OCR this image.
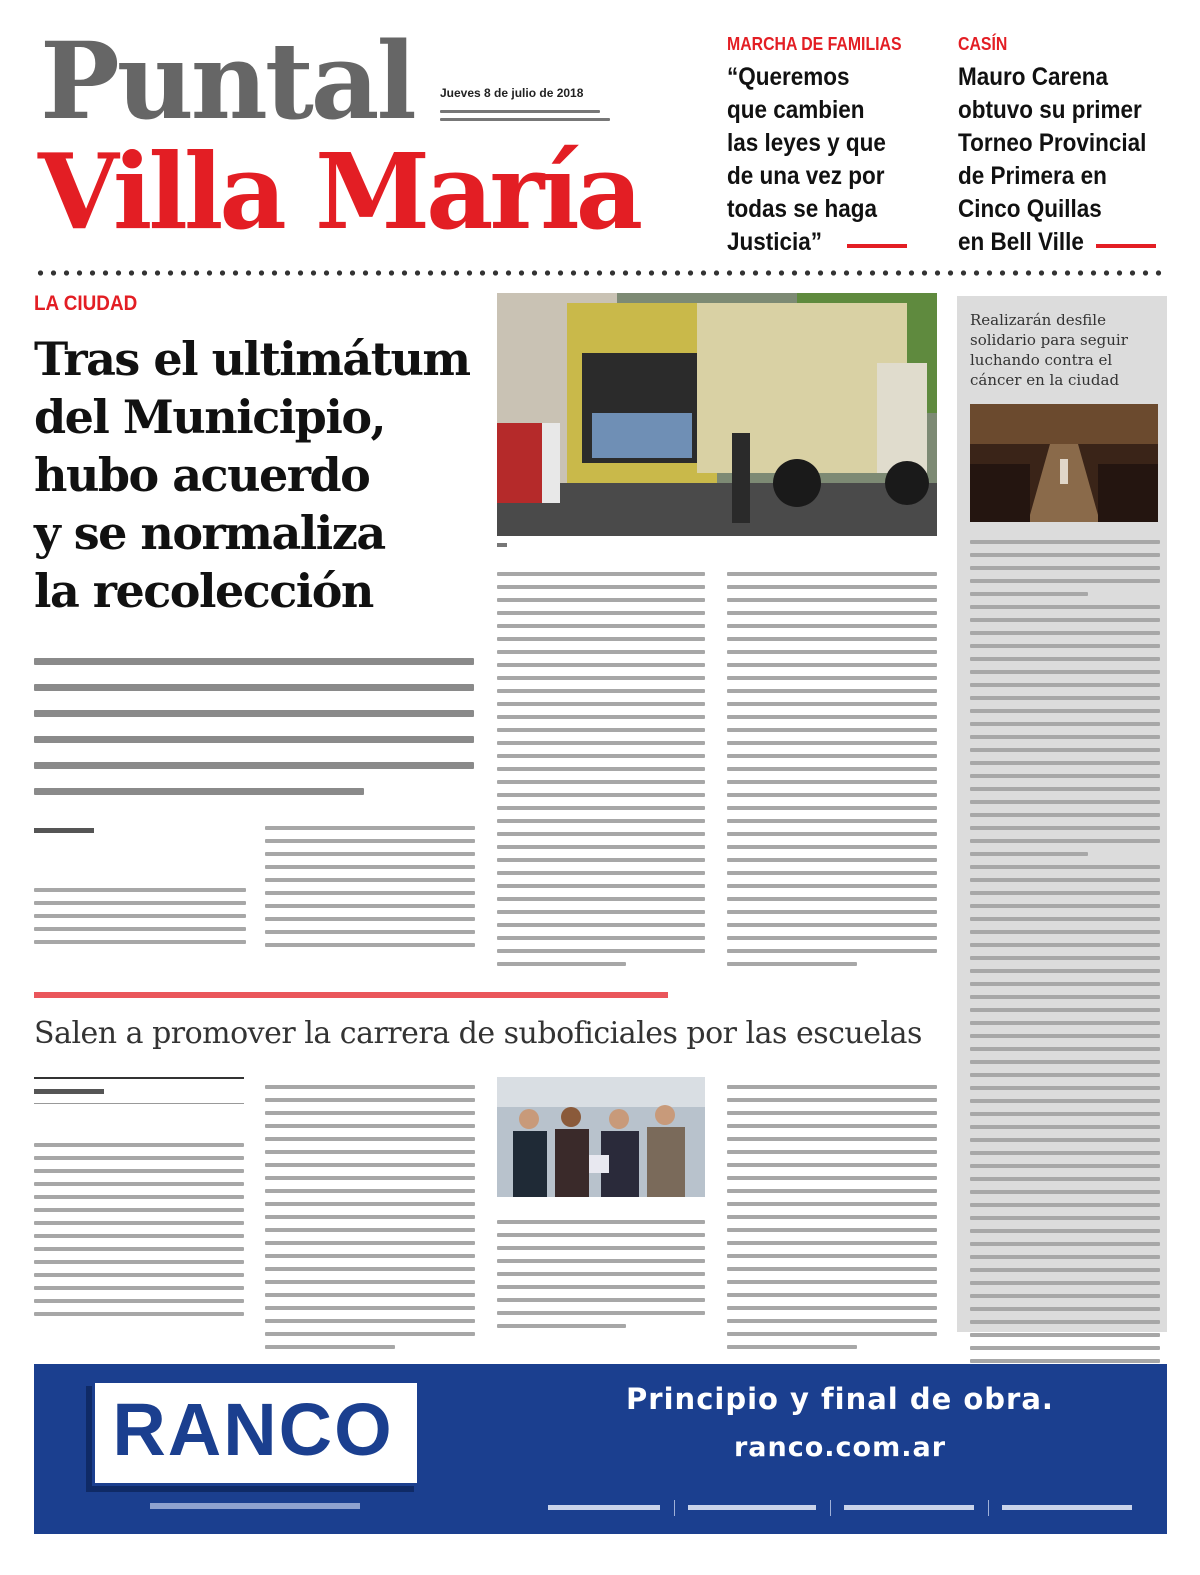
Puntal
Villa María
Jueves 8 de julio de 2018
MARCHA DE FAMILIAS
“Queremos
que cambien
las leyes y que
de una vez por
todas se haga
Justicia”
CASÍN
Mauro Carena
obtuvo su primer
Torneo Provincial
de Primera en
Cinco Quillas
en Bell Ville
LA CIUDAD
Tras el ultimátum
del Municipio,
hubo acuerdo
y se normaliza
la recolección
Realizarán desfile
solidario para seguir
luchando contra el
cáncer en la ciudad
Salen a promover la carrera de suboficiales por las escuelas
RANCO	Principio y final de obra.
ranco.com.ar
